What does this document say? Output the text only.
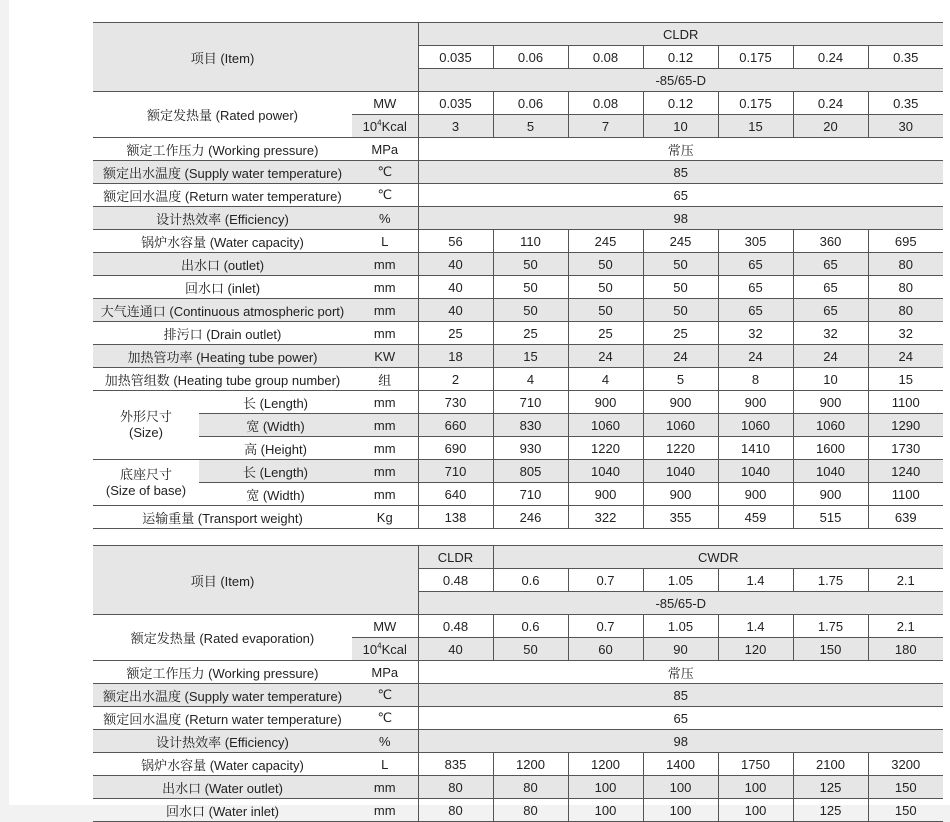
项目 (Item)			CLDR						
			0.035	0.06	0.08	0.12	0.175	0.24	0.35
			-85/65-D						
额定发热量 (Rated power)		MW	0.035	0.06	0.08	0.12	0.175	0.24	0.35
		$10^4Kcal$	3	5	7	10	15	20	30
额定工作压力 (Working pressure)		MPa	常压						
额定出水温度 (Supply water temperature)		℃	85						
额定回水温度 (Return water temperature)		℃	65						
设计热效率 (Efficiency)		%	98						
锅炉水容量 (Water capacity)		L	56	110	245	245	305	360	695
出水口 (outlet)		mm	40	50	50	50	65	65	80
回水口 (inlet)		mm	40	50	50	50	65	65	80
大气连通口 (Continuous atmospheric port)		mm	40	50	50	50	65	65	80
排污口 (Drain outlet)		mm	25	25	25	25	32	32	32
加热管功率 (Heating tube power)		KW	18	15	24	24	24	24	24
加热管组数 (Heating tube group number)		组	2	4	4	5	8	10	15
外形尺寸
(Size)	长 (Length)	mm	730	710	900	900	900	900	1100
	宽 (Width)	mm	660	830	1060	1060	1060	1060	1290
	高 (Height)	mm	690	930	1220	1220	1410	1600	1730
底座尺寸
(Size of base)	长 (Length)	mm	710	805	1040	1040	1040	1040	1240
	宽 (Width)	mm	640	710	900	900	900	900	1100
运输重量 (Transport weight)		Kg	138	246	322	355	459	515	639
项目 (Item)		CLDR	CWDR					
		0.48	0.6	0.7	1.05	1.4	1.75	2.1
		-85/65-D						
额定发热量 (Rated evaporation)	MW	0.48	0.6	0.7	1.05	1.4	1.75	2.1
	$10^4Kcal$	40	50	60	90	120	150	180
额定工作压力 (Working pressure)	MPa	常压						
额定出水温度 (Supply water temperature)	℃	85						
额定回水温度 (Return water temperature)	℃	65						
设计热效率 (Efficiency)	%	98						
锅炉水容量 (Water capacity)	L	835	1200	1200	1400	1750	2100	3200
出水口 (Water outlet)	mm	80	80	100	100	100	125	150
回水口 (Water inlet)	mm	80	80	100	100	100	125	150
